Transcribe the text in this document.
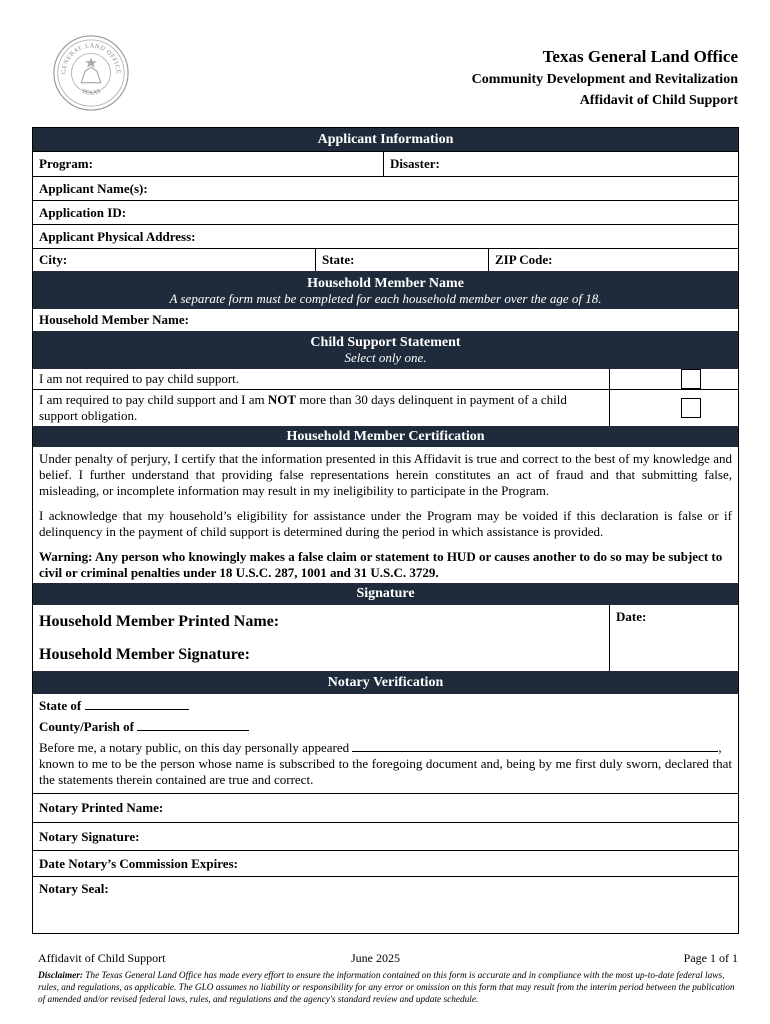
GENERAL LAND OFFICE
TEXAS
Texas General Land Office
Community Development and Revitalization
Affidavit of Child Support
Applicant Information
Program:	Disaster:
Applicant Name(s):
Application ID:
Applicant Physical Address:
City:	State:	ZIP Code:
Household Member Name
A separate form must be completed for each household member over the age of 18.
Household Member Name:
Child Support Statement
Select only one.
I am not required to pay child support.
I am required to pay child support and I am NOT more than 30 days delinquent in payment of a child support obligation.
Household Member Certification
Under penalty of perjury, I certify that the information presented in this Affidavit is true and correct to the best of my knowledge and belief. I further understand that providing false representations herein constitutes an act of fraud and that submitting false, misleading, or incomplete information may result in my ineligibility to participate in the Program.
I acknowledge that my household’s eligibility for assistance under the Program may be voided if this declaration is false or if delinquency in the payment of child support is determined during the period in which assistance is provided.
Warning: Any person who knowingly makes a false claim or statement to HUD or causes another to do so may be subject to civil or criminal penalties under 18 U.S.C. 287, 1001 and 31 U.S.C. 3729.
Signature
Household Member Printed Name:
Household Member Signature:
Date:
Notary Verification
State of
County/Parish of
Before me, a notary public, on this day personally appeared	,
known to me to be the person whose name is subscribed to the foregoing document and, being by me first duly sworn, declared that the statements therein contained are true and correct.
Notary Printed Name:
Notary Signature:
Date Notary’s Commission Expires:
Notary Seal:
Affidavit of Child Support	June 2025	Page 1 of 1
Disclaimer: The Texas General Land Office has made every effort to ensure the information contained on this form is accurate and in compliance with the most up-to-date federal laws, rules, and regulations, as applicable. The GLO assumes no liability or responsibility for any error or omission on this form that may result from the interim period between the publication of amended and/or revised federal laws, rules, and regulations and the agency's standard review and update schedule.
